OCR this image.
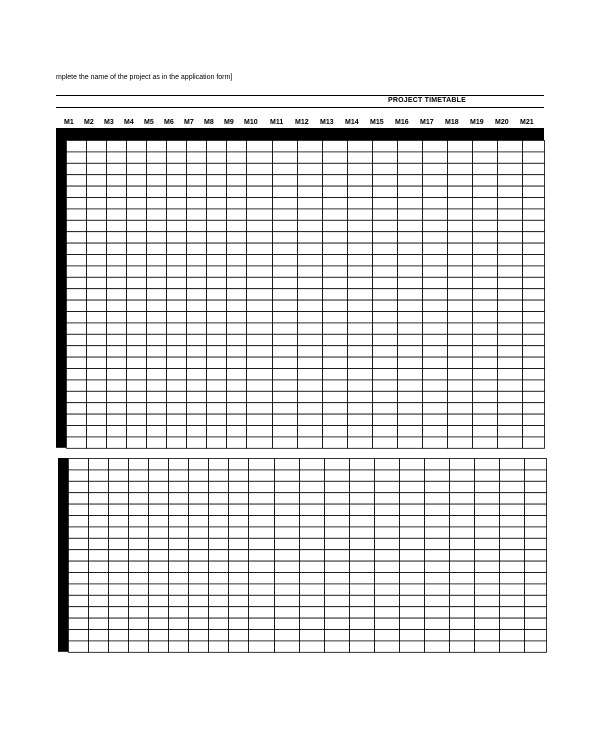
mplete the name of the project as in the application form]
PROJECT TIMETABLE
M1 M2 M3 M4 M5 M6 M7 M8 M9 M10 M11 M12 M13 M14 M15 M16 M17 M18 M19 M20 M21
